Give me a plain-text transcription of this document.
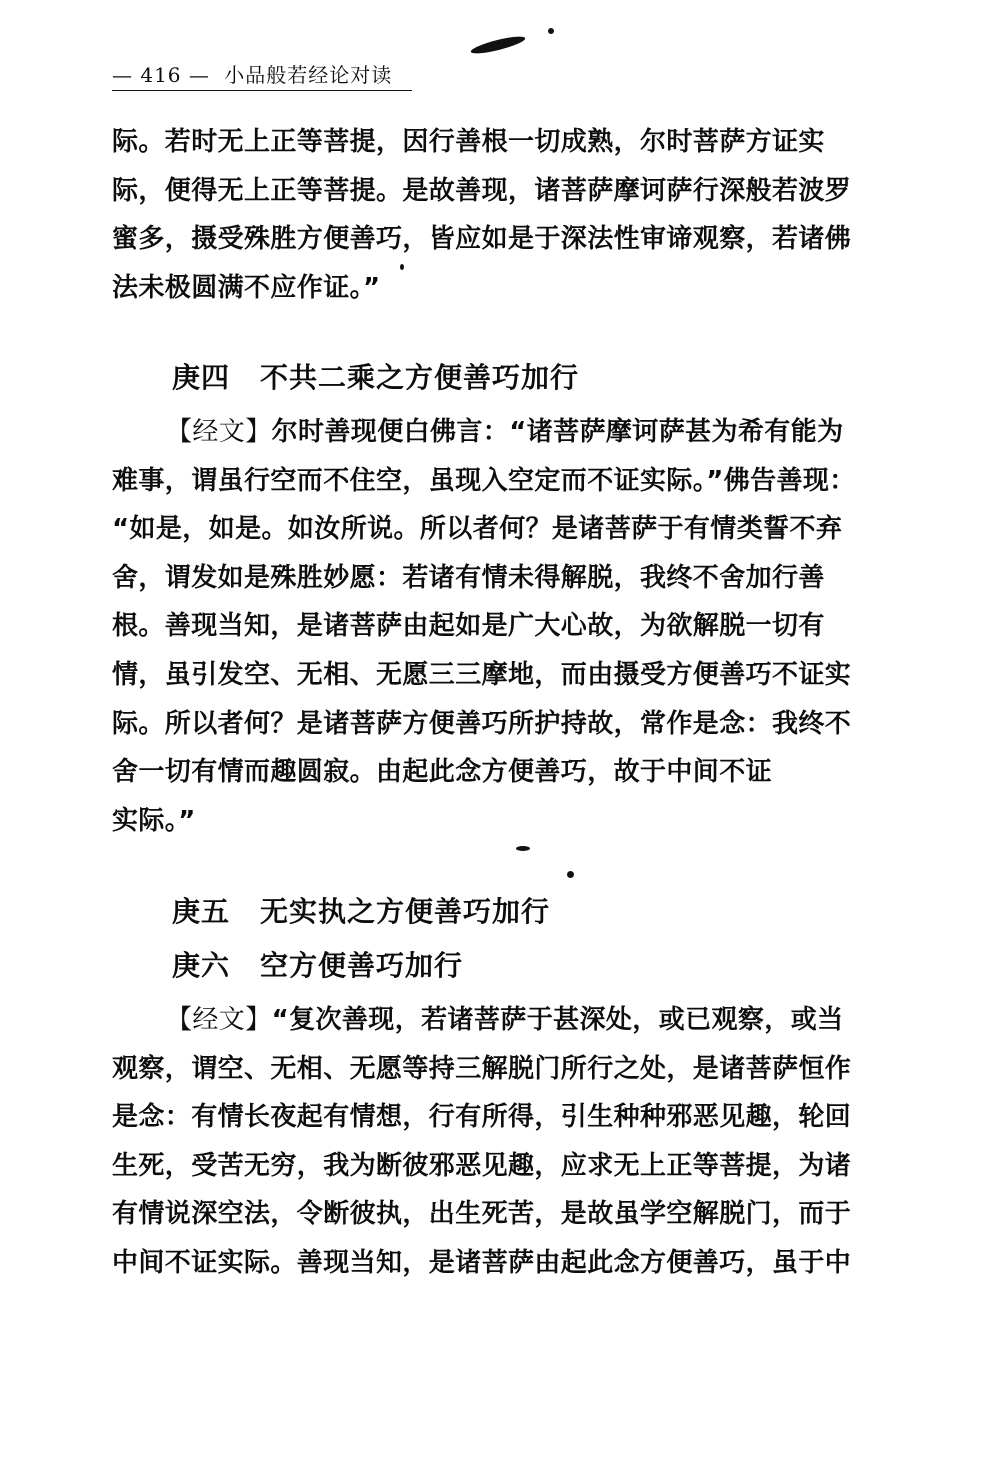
— 416 — 小品般若经论对读
际。若时无上正等菩提，因行善根一切成熟，尔时菩萨方证实
际，便得无上正等菩提。是故善现，诸菩萨摩诃萨行深般若波罗
蜜多，摄受殊胜方便善巧，皆应如是于深法性审谛观察，若诸佛
法未极圆满不应作证。”
庚四 不共二乘之方便善巧加行
【经文】尔时善现便白佛言：“诸菩萨摩诃萨甚为希有能为
难事，谓虽行空而不住空，虽现入空定而不证实际。”佛告善现：
“如是，如是。如汝所说。所以者何？是诸菩萨于有情类誓不弃
舍，谓发如是殊胜妙愿：若诸有情未得解脱，我终不舍加行善
根。善现当知，是诸菩萨由起如是广大心故，为欲解脱一切有
情，虽引发空、无相、无愿三三摩地，而由摄受方便善巧不证实
际。所以者何？是诸菩萨方便善巧所护持故，常作是念：我终不
舍一切有情而趣圆寂。由起此念方便善巧，故于中间不证
实际。”
庚五 无实执之方便善巧加行
庚六 空方便善巧加行
【经文】“复次善现，若诸菩萨于甚深处，或已观察，或当
观察，谓空、无相、无愿等持三解脱门所行之处，是诸菩萨恒作
是念：有情长夜起有情想，行有所得，引生种种邪恶见趣，轮回
生死，受苦无穷，我为断彼邪恶见趣，应求无上正等菩提，为诸
有情说深空法，令断彼执，出生死苦，是故虽学空解脱门，而于
中间不证实际。善现当知，是诸菩萨由起此念方便善巧，虽于中
